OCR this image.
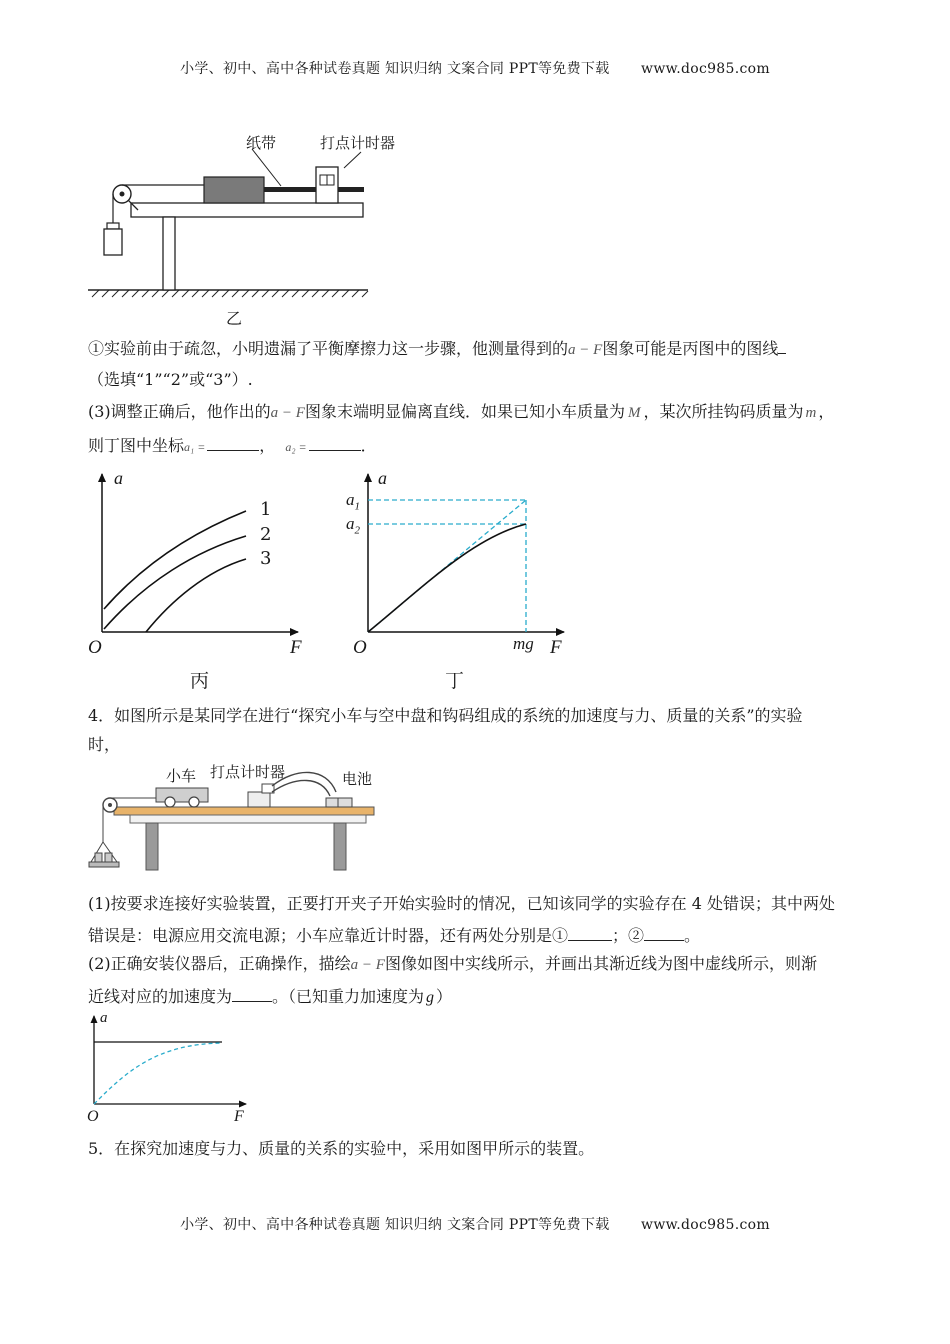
小学、初中、高中各种试卷真题 知识归纳 文案合同 PPT等免费下载 www.doc985.com
纸带	打点计时器
乙
①实验前由于疏忽，小明遗漏了平衡摩擦力这一步骤，他测量得到的a − F图象可能是丙图中的图线
（选填“1”“2”或“3”）.
(3)调整正确后，他作出的a − F图象末端明显偏离直线．如果已知小车质量为 M ，某次所挂钩码质量为 m ，
则丁图中坐标a₁ =	， a₂ =	．
a
F
O
1
2
3
丙
a
$a_1$
$a_2$
mg F
O
丁
4．如图所示是某同学在进行“探究小车与空中盘和钩码组成的系统的加速度与力、质量的关系”的实验
时，
小车 打点计时器	电池
(1)按要求连接好实验装置，正要打开夹子开始实验时的情况，已知该同学的实验存在 4 处错误；其中两处
错误是：电源应用交流电源；小车应靠近计时器，还有两处分别是①	；②	。
(2)正确安装仪器后，正确操作，描绘a − F图像如图中实线所示，并画出其渐近线为图中虚线所示，则渐
近线对应的加速度为	。（已知重力加速度为 g ）
a
F
O
5．在探究加速度与力、质量的关系的实验中，采用如图甲所示的装置。
小学、初中、高中各种试卷真题 知识归纳 文案合同 PPT等免费下载 www.doc985.com
